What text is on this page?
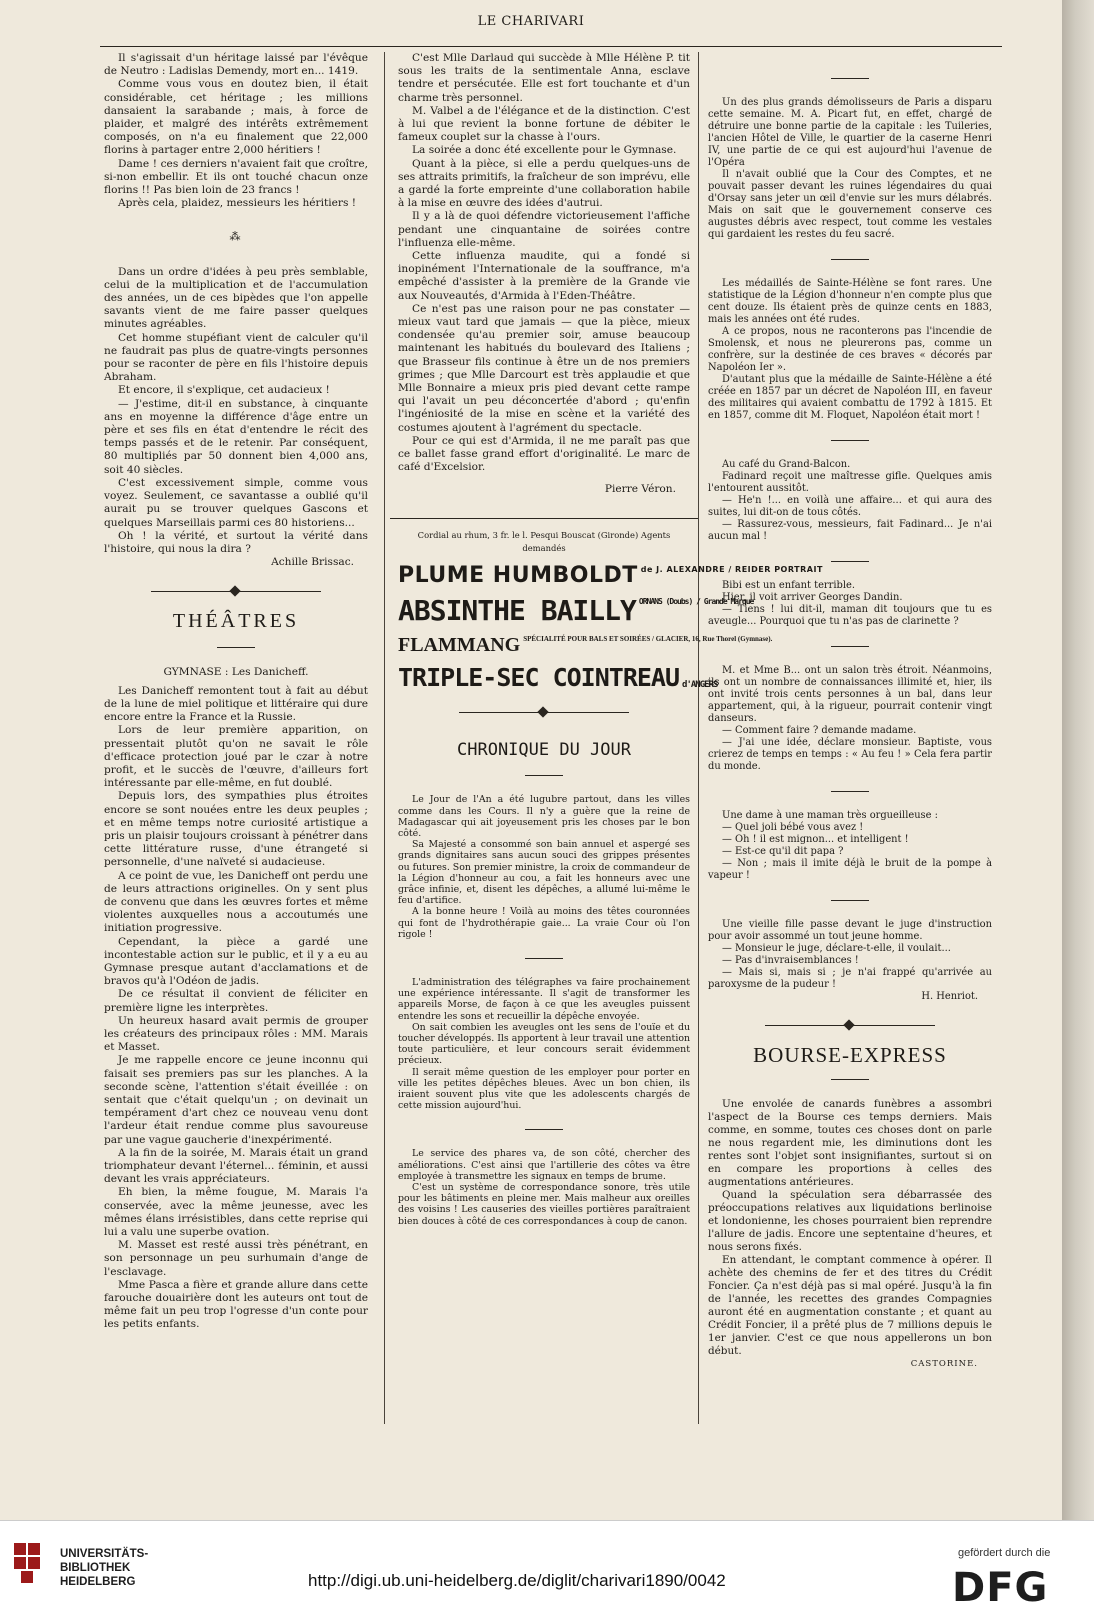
LE CHARIVARI

Il s'agissait d'un héritage laissé par l'évêque de Neutro : Ladislas Demendy, mort en... 1419.

Comme vous vous en doutez bien, il était considérable, cet héritage ; les millions dansaient la sarabande ; mais, à force de plaider, et malgré des intérêts extrêmement composés, on n'a eu finalement que 22,000 florins à partager entre 2,000 héritiers !

Dame ! ces derniers n'avaient fait que croître, si-non embellir. Et ils ont touché chacun onze florins !! Pas bien loin de 23 francs !

Après cela, plaidez, messieurs les héritiers !

⁂

Dans un ordre d'idées à peu près semblable, celui de la multiplication et de l'accumulation des années, un de ces bipèdes que l'on appelle savants vient de me faire passer quelques minutes agréables.

Cet homme stupéfiant vient de calculer qu'il ne faudrait pas plus de quatre-vingts personnes pour se raconter de père en fils l'histoire depuis Abraham.

Et encore, il s'explique, cet audacieux !

— J'estime, dit-il en substance, à cinquante ans en moyenne la différence d'âge entre un père et ses fils en état d'entendre le récit des temps passés et de le retenir. Par conséquent, 80 multipliés par 50 donnent bien 4,000 ans, soit 40 siècles.

C'est excessivement simple, comme vous voyez. Seulement, ce savantasse a oublié qu'il aurait pu se trouver quelques Gascons et quelques Marseillais parmi ces 80 historiens...

Oh ! la vérité, et surtout la vérité dans l'histoire, qui nous la dira ?

Achille Brissac.

THÉÂTRES

GYMNASE : Les Danicheff.

Les Danicheff remontent tout à fait au début de la lune de miel politique et littéraire qui dure encore entre la France et la Russie.

Lors de leur première apparition, on pressentait plutôt qu'on ne savait le rôle d'efficace protection joué par le czar à notre profit, et le succès de l'œuvre, d'ailleurs fort intéressante par elle-même, en fut doublé.

Depuis lors, des sympathies plus étroites encore se sont nouées entre les deux peuples ; et en même temps notre curiosité artistique a pris un plaisir toujours croissant à pénétrer dans cette littérature russe, d'une étrangeté si personnelle, d'une naïveté si audacieuse.

A ce point de vue, les Danicheff ont perdu une de leurs attractions originelles. On y sent plus de convenu que dans les œuvres fortes et même violentes auxquelles nous a accoutumés une initiation progressive.

Cependant, la pièce a gardé une incontestable action sur le public, et il y a eu au Gymnase presque autant d'acclamations et de bravos qu'à l'Odéon de jadis.

De ce résultat il convient de féliciter en première ligne les interprètes.

Un heureux hasard avait permis de grouper les créateurs des principaux rôles : MM. Marais et Masset.

Je me rappelle encore ce jeune inconnu qui faisait ses premiers pas sur les planches. A la seconde scène, l'attention s'était éveillée : on sentait que c'était quelqu'un ; on devinait un tempérament d'art chez ce nouveau venu dont l'ardeur était rendue comme plus savoureuse par une vague gaucherie d'inexpérimenté.

A la fin de la soirée, M. Marais était un grand triomphateur devant l'éternel... féminin, et aussi devant les vrais appréciateurs.

Eh bien, la même fougue, M. Marais l'a conservée, avec la même jeunesse, avec les mêmes élans irrésistibles, dans cette reprise qui lui a valu une superbe ovation.

M. Masset est resté aussi très pénétrant, en son personnage un peu surhumain d'ange de l'esclavage.

Mme Pasca a fière et grande allure dans cette farouche douairière dont les auteurs ont tout de même fait un peu trop l'ogresse d'un conte pour les petits enfants.

C'est Mlle Darlaud qui succède à Mlle Hélène P. tit sous les traits de la sentimentale Anna, esclave tendre et persécutée. Elle est fort touchante et d'un charme très personnel.

M. Valbel a de l'élégance et de la distinction. C'est à lui que revient la bonne fortune de débiter le fameux couplet sur la chasse à l'ours.

La soirée a donc été excellente pour le Gymnase.

Quant à la pièce, si elle a perdu quelques-uns de ses attraits primitifs, la fraîcheur de son imprévu, elle a gardé la forte empreinte d'une collaboration habile à la mise en œuvre des idées d'autrui.

Il y a là de quoi défendre victorieusement l'affiche pendant une cinquantaine de soirées contre l'influenza elle-même.

Cette influenza maudite, qui a fondé si inopinément l'Internationale de la souffrance, m'a empêché d'assister à la première de la Grande vie aux Nouveautés, d'Armida à l'Eden-Théâtre.

Ce n'est pas une raison pour ne pas constater — mieux vaut tard que jamais — que la pièce, mieux condensée qu'au premier soir, amuse beaucoup maintenant les habitués du boulevard des Italiens ; que Brasseur fils continue à être un de nos premiers grimes ; que Mlle Darcourt est très applaudie et que Mlle Bonnaire a mieux pris pied devant cette rampe qui l'avait un peu déconcertée d'abord ; qu'enfin l'ingéniosité de la mise en scène et la variété des costumes ajoutent à l'agrément du spectacle.

Pour ce qui est d'Armida, il ne me paraît pas que ce ballet fasse grand effort d'originalité. Le marc de café d'Excelsior.

Pierre Véron.

Cordial au rhum, 3 fr. le l. Pesqui Bouscat (Gironde) Agents demandés
PLUME HUMBOLDT de J. ALEXANDRE / REIDER PORTRAIT
ABSINTHE BAILLY ORNANS (Doubs) / Grande Marque
FLAMMANG SPÉCIALITÉ POUR BALS ET SOIRÉES / GLACIER, 16, Rue Thorel (Gymnase).
TRIPLE-SEC COINTREAU d'ANGERS
CHRONIQUE DU JOUR

Le Jour de l'An a été lugubre partout, dans les villes comme dans les Cours. Il n'y a guère que la reine de Madagascar qui ait joyeusement pris les choses par le bon côté.

Sa Majesté a consommé son bain annuel et aspergé ses grands dignitaires sans aucun souci des grippes présentes ou futures. Son premier ministre, la croix de commandeur de la Légion d'honneur au cou, a fait les honneurs avec une grâce infinie, et, disent les dépêches, a allumé lui-même le feu d'artifice.

A la bonne heure ! Voilà au moins des têtes couronnées qui font de l'hydrothérapie gaie... La vraie Cour où l'on rigole !

L'administration des télégraphes va faire prochainement une expérience intéressante. Il s'agit de transformer les appareils Morse, de façon à ce que les aveugles puissent entendre les sons et recueillir la dépêche envoyée.

On sait combien les aveugles ont les sens de l'ouïe et du toucher développés. Ils apportent à leur travail une attention toute particulière, et leur concours serait évidemment précieux.

Il serait même question de les employer pour porter en ville les petites dépêches bleues. Avec un bon chien, ils iraient souvent plus vite que les adolescents chargés de cette mission aujourd'hui.

Le service des phares va, de son côté, chercher des améliorations. C'est ainsi que l'artillerie des côtes va être employée à transmettre les signaux en temps de brume.

C'est un système de correspondance sonore, très utile pour les bâtiments en pleine mer. Mais malheur aux oreilles des voisins ! Les causeries des vieilles portières paraîtraient bien douces à côté de ces correspondances à coup de canon.

Un des plus grands démolisseurs de Paris a disparu cette semaine. M. A. Picart fut, en effet, chargé de détruire une bonne partie de la capitale : les Tuileries, l'ancien Hôtel de Ville, le quartier de la caserne Henri IV, une partie de ce qui est aujourd'hui l'avenue de l'Opéra

Il n'avait oublié que la Cour des Comptes, et ne pouvait passer devant les ruines légendaires du quai d'Orsay sans jeter un œil d'envie sur les murs délabrés. Mais on sait que le gouvernement conserve ces augustes débris avec respect, tout comme les vestales qui gardaient les restes du feu sacré.

Les médaillés de Sainte-Hélène se font rares. Une statistique de la Légion d'honneur n'en compte plus que cent douze. Ils étaient près de quinze cents en 1883, mais les années ont été rudes.

A ce propos, nous ne raconterons pas l'incendie de Smolensk, et nous ne pleurerons pas, comme un confrère, sur la destinée de ces braves « décorés par Napoléon Ier ».

D'autant plus que la médaille de Sainte-Hélène a été créée en 1857 par un décret de Napoléon III, en faveur des militaires qui avaient combattu de 1792 à 1815. Et en 1857, comme dit M. Floquet, Napoléon était mort !

Au café du Grand-Balcon.

Fadinard reçoit une maîtresse gifle. Quelques amis l'entourent aussitôt.

— He'n !... en voilà une affaire... et qui aura des suites, lui dit-on de tous côtés.

— Rassurez-vous, messieurs, fait Fadinard... Je n'ai aucun mal !

Bibi est un enfant terrible.

Hier, il voit arriver Georges Dandin.

— Tiens ! lui dit-il, maman dit toujours que tu es aveugle... Pourquoi que tu n'as pas de clarinette ?

M. et Mme B... ont un salon très étroit. Néanmoins, ils ont un nombre de connaissances illimité et, hier, ils ont invité trois cents personnes à un bal, dans leur appartement, qui, à la rigueur, pourrait contenir vingt danseurs.

— Comment faire ? demande madame.

— J'ai une idée, déclare monsieur. Baptiste, vous crierez de temps en temps : « Au feu ! » Cela fera partir du monde.

Une dame à une maman très orgueilleuse :

— Quel joli bébé vous avez !

— Oh ! il est mignon... et intelligent !

— Est-ce qu'il dit papa ?

— Non ; mais il imite déjà le bruit de la pompe à vapeur !

Une vieille fille passe devant le juge d'instruction pour avoir assommé un tout jeune homme.

— Monsieur le juge, déclare-t-elle, il voulait...

— Pas d'invraisemblances !

— Mais si, mais si ; je n'ai frappé qu'arrivée au paroxysme de la pudeur !

H. Henriot.

BOURSE-EXPRESS

Une envolée de canards funèbres a assombri l'aspect de la Bourse ces temps derniers. Mais comme, en somme, toutes ces choses dont on parle ne nous regardent mie, les diminutions dont les rentes sont l'objet sont insignifiantes, surtout si on en compare les proportions à celles des augmentations antérieures.

Quand la spéculation sera débarrassée des préoccupations relatives aux liquidations berlinoise et londonienne, les choses pourraient bien reprendre l'allure de jadis. Encore une septentaine d'heures, et nous serons fixés.

En attendant, le comptant commence à opérer. Il achète des chemins de fer et des titres du Crédit Foncier. Ça n'est déjà pas si mal opéré. Jusqu'à la fin de l'année, les recettes des grandes Compagnies auront été en augmentation constante ; et quant au Crédit Foncier, il a prêté plus de 7 millions depuis le 1er janvier. C'est ce que nous appellerons un bon début.

CASTORINE.

UNIVERSITÄTS-
BIBLIOTHEK
HEIDELBERG	http://digi.ub.uni-heidelberg.de/diglit/charivari1890/0042
gefördert durch die
DFG
